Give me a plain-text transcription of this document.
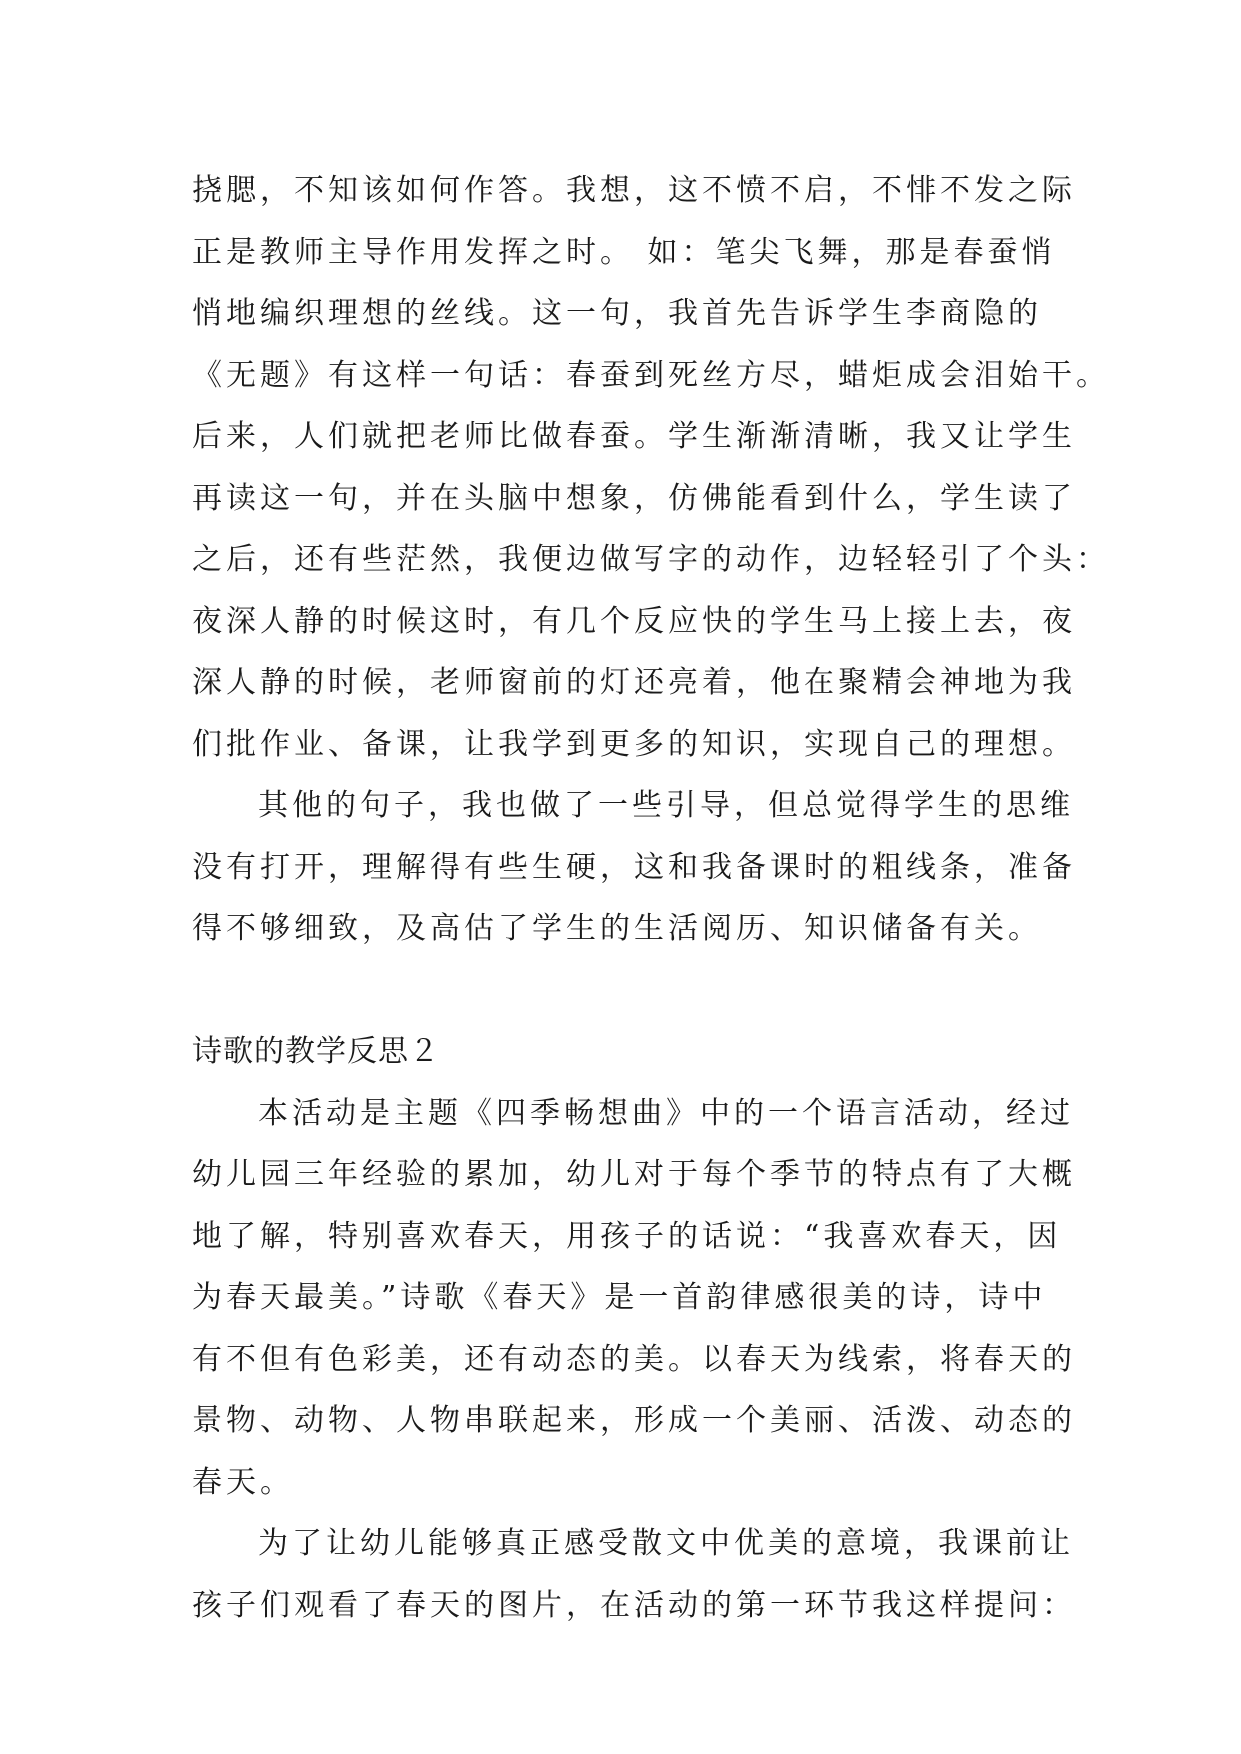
挠腮，不知该如何作答。我想，这不愤不启，不悱不发之际
正是教师主导作用发挥之时。 如：笔尖飞舞，那是春蚕悄
悄地编织理想的丝线。这一句，我首先告诉学生李商隐的
《无题》有这样一句话：春蚕到死丝方尽，蜡炬成会泪始干。
后来，人们就把老师比做春蚕。学生渐渐清晰，我又让学生
再读这一句，并在头脑中想象，仿佛能看到什么，学生读了
之后，还有些茫然，我便边做写字的动作，边轻轻引了个头：
夜深人静的时候这时，有几个反应快的学生马上接上去，夜
深人静的时候，老师窗前的灯还亮着，他在聚精会神地为我
们批作业、备课，让我学到更多的知识，实现自己的理想。
其他的句子，我也做了一些引导，但总觉得学生的思维
没有打开，理解得有些生硬，这和我备课时的粗线条，准备
得不够细致，及高估了学生的生活阅历、知识储备有关。
诗歌的教学反思２
本活动是主题《四季畅想曲》中的一个语言活动，经过
幼儿园三年经验的累加，幼儿对于每个季节的特点有了大概
地了解，特别喜欢春天，用孩子的话说：“我喜欢春天，因
为春天最美。”诗歌《春天》是一首韵律感很美的诗，诗中
有不但有色彩美，还有动态的美。以春天为线索，将春天的
景物、动物、人物串联起来，形成一个美丽、活泼、动态的
春天。
为了让幼儿能够真正感受散文中优美的意境，我课前让
孩子们观看了春天的图片，在活动的第一环节我这样提问：
